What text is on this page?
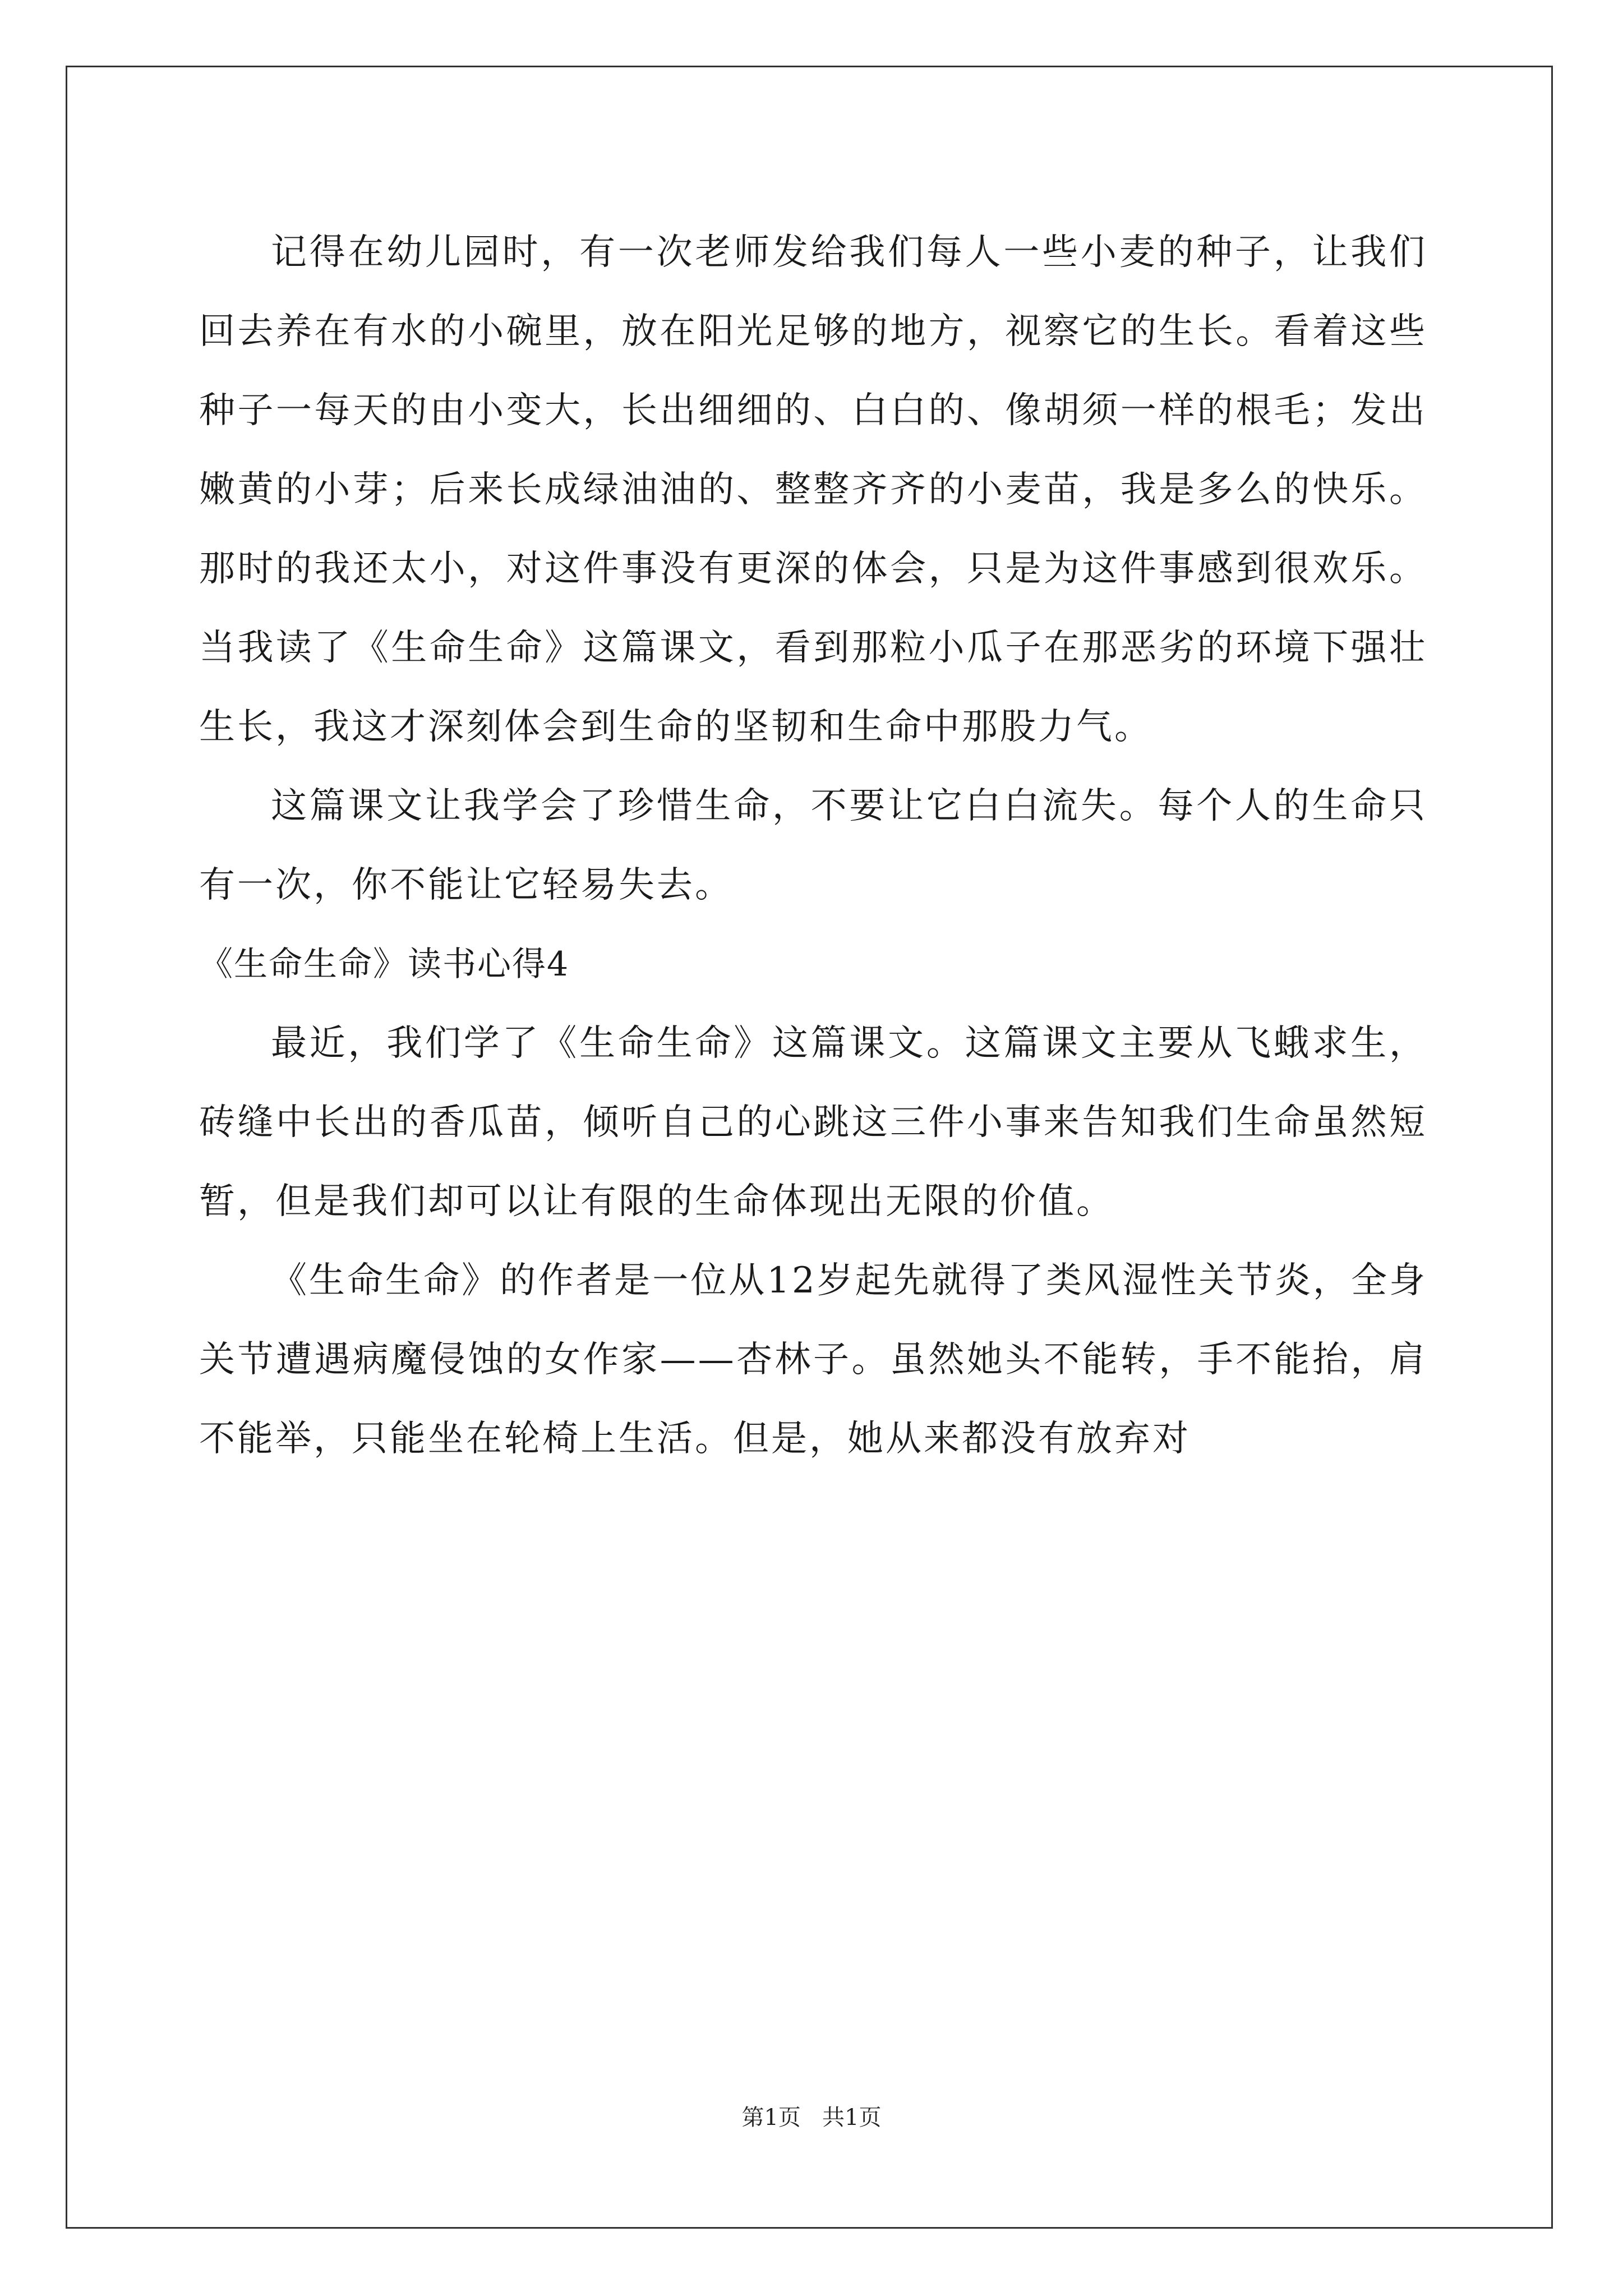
记得在幼儿园时，有一次老师发给我们每人一些小麦的种子，让我们回去养在有水的小碗里，放在阳光足够的地方，视察它的生长。看着这些种子一每天的由小变大，长出细细的、白白的、像胡须一样的根毛；发出嫩黄的小芽；后来长成绿油油的、整整齐齐的小麦苗，我是多么的快乐。那时的我还太小，对这件事没有更深的体会，只是为这件事感到很欢乐。当我读了《生命生命》这篇课文，看到那粒小瓜子在那恶劣的环境下强壮生长，我这才深刻体会到生命的坚韧和生命中那股力气。

这篇课文让我学会了珍惜生命，不要让它白白流失。每个人的生命只有一次，你不能让它轻易失去。

《生命生命》读书心得4

最近，我们学了《生命生命》这篇课文。这篇课文主要从飞蛾求生，砖缝中长出的香瓜苗，倾听自己的心跳这三件小事来告知我们生命虽然短暂，但是我们却可以让有限的生命体现出无限的价值。

《生命生命》的作者是一位从12岁起先就得了类风湿性关节炎，全身关节遭遇病魔侵蚀的女作家——杏林子。虽然她头不能转，手不能抬，肩不能举，只能坐在轮椅上生活。但是，她从来都没有放弃对

第1页   共1页
